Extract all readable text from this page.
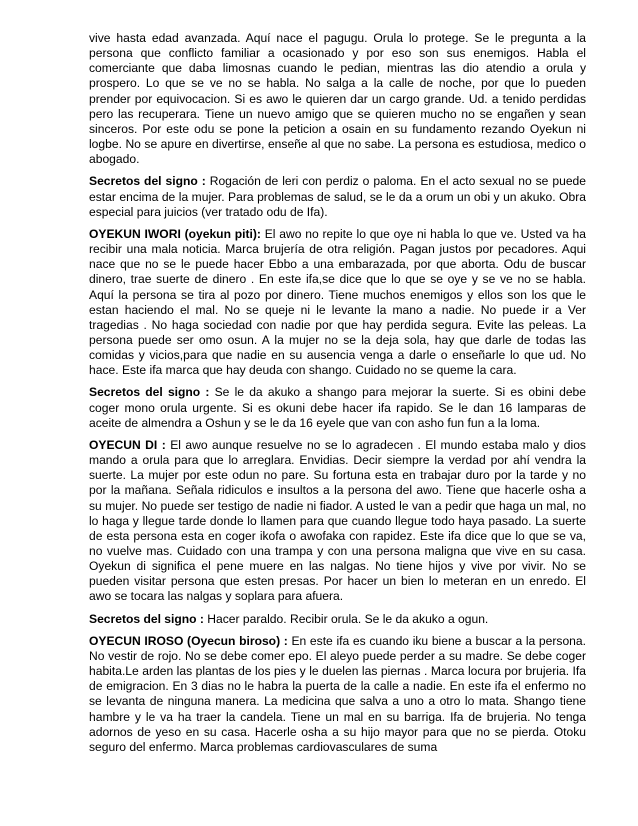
vive hasta edad avanzada. Aquí nace el pagugu. Orula lo protege. Se le pregunta a la persona que conflicto familiar a ocasionado y por eso son sus enemigos. Habla el comerciante que daba limosnas cuando le pedian, mientras las dio atendio a orula y prospero. Lo que se ve no se habla. No salga a la calle de noche, por que lo pueden prender por equivocacion. Si es awo le quieren dar un cargo grande. Ud. a tenido perdidas pero las recuperara. Tiene un nuevo amigo que se quieren mucho no se engañen y sean sinceros. Por este odu se pone la peticion a osain en su fundamento rezando Oyekun ni logbe. No se apure en divertirse, enseñe al que no sabe. La persona es estudiosa, medico o abogado.

Secretos del signo : Rogación de leri con perdiz o paloma. En el acto sexual no se puede estar encima de la mujer. Para problemas de salud, se le da a orum un obi y un akuko. Obra especial para juicios (ver tratado odu de Ifa).

OYEKUN IWORI (oyekun piti): El awo no repite lo que oye ni habla lo que ve. Usted va ha recibir una mala noticia. Marca brujería de otra religión. Pagan justos por pecadores. Aqui nace que no se le puede hacer Ebbo a una embarazada, por que aborta. Odu de buscar dinero, trae suerte de dinero . En este ifa,se dice que lo que se oye y se ve no se habla. Aquí la persona se tira al pozo por dinero. Tiene muchos enemigos y ellos son los que le estan haciendo el mal. No se queje ni le levante la mano a nadie. No puede ir a Ver tragedias . No haga sociedad con nadie por que hay perdida segura. Evite las peleas. La persona puede ser omo osun. A la mujer no se la deja sola, hay que darle de todas las comidas y vicios,para que nadie en su ausencia venga a darle o enseñarle lo que ud. No hace. Este ifa marca que hay deuda con shango. Cuidado no se queme la cara.

Secretos del signo : Se le da akuko a shango para mejorar la suerte. Si es obini debe coger mono orula urgente. Si es okuni debe hacer ifa rapido. Se le dan 16 lamparas de aceite de almendra a Oshun y se le da 16 eyele que van con asho fun fun a la loma.

OYECUN DI : El awo aunque resuelve no se lo agradecen . El mundo estaba malo y dios mando a orula para que lo arreglara. Envidias. Decir siempre la verdad por ahí vendra la suerte. La mujer por este odun no pare. Su fortuna esta en trabajar duro por la tarde y no por la mañana. Señala ridiculos e insultos a la persona del awo. Tiene que hacerle osha a su mujer. No puede ser testigo de nadie ni fiador. A usted le van a pedir que haga un mal, no lo haga y llegue tarde donde lo llamen para que cuando llegue todo haya pasado. La suerte de esta persona esta en coger ikofa o awofaka con rapidez. Este ifa dice que lo que se va, no vuelve mas. Cuidado con una trampa y con una persona maligna que vive en su casa. Oyekun di significa el pene muere en las nalgas. No tiene hijos y vive por vivir. No se pueden visitar persona que esten presas. Por hacer un bien lo meteran en un enredo. El awo se tocara las nalgas y soplara para afuera.

Secretos del signo : Hacer paraldo. Recibir orula. Se le da akuko a ogun.

OYECUN IROSO (Oyecun biroso) : En este ifa es cuando iku biene a buscar a la persona. No vestir de rojo. No se debe comer epo. El aleyo puede perder a su madre. Se debe coger habita.Le arden las plantas de los pies y le duelen las piernas . Marca locura por brujeria. Ifa de emigracion. En 3 dias no le habra la puerta de la calle a nadie. En este ifa el enfermo no se levanta de ninguna manera. La medicina que salva a uno a otro lo mata. Shango tiene hambre y le va ha traer la candela. Tiene un mal en su barriga. Ifa de brujeria. No tenga adornos de yeso en su casa. Hacerle osha a su hijo mayor para que no se pierda. Otoku seguro del enfermo. Marca problemas cardiovasculares de suma
